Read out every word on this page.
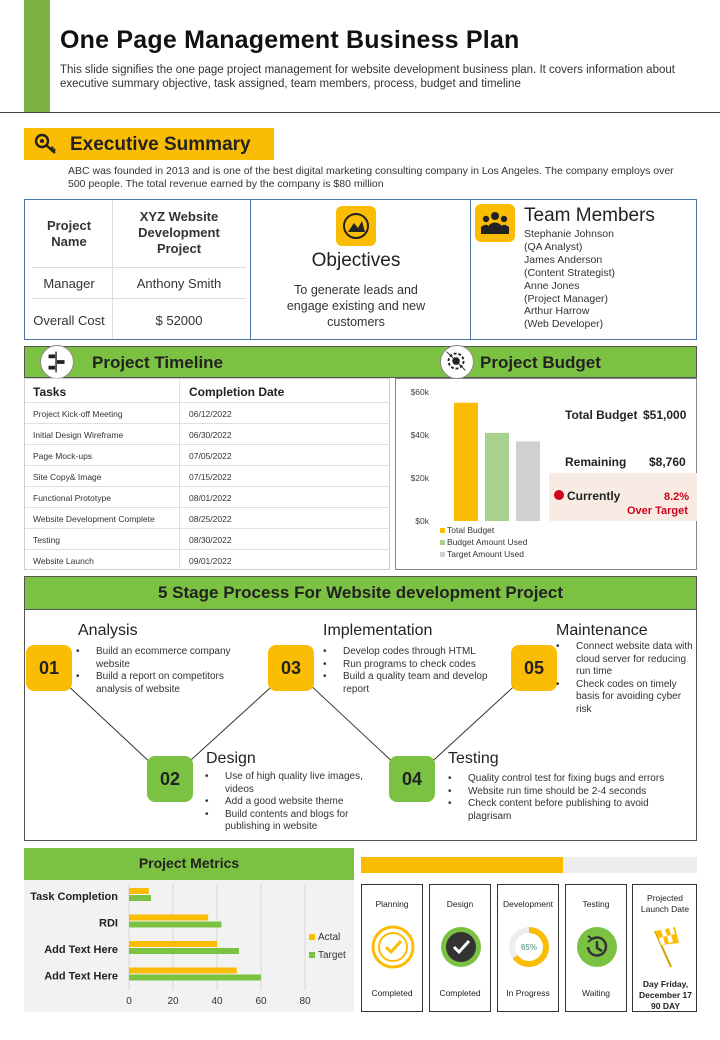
One Page Management Business Plan
This slide signifies the one page project management for website development business plan. It covers information about executive summary objective, task assigned, team members, process, budget and timeline
Executive Summary
ABC was founded in 2013 and is one of the best digital marketing consulting company in Los Angeles. The company employs over 500 people. The total revenue earned by the company is $80 million
Project Name
XYZ Website Development Project
Manager	Anthony Smith
Overall Cost	$ 52000
Objectives
To generate leads and engage existing and new customers
Team Members
Stephanie Johnson
(QA Analyst)
James Anderson
(Content Strategist)
Anne Jones
(Project Manager)
Arthur Harrow
(Web Developer)
Project Timeline	Project Budget
Tasks	Completion Date
Project Kick-off Meeting	06/12/2022
Initial Design Wireframe	06/30/2022
Page Mock-ups	07/05/2022
Site Copy& Image	07/15/2022
Functional Prototype	08/01/2022
Website Development Complete	08/25/2022
Testing	08/30/2022
Website Launch	09/01/2022
$0k
$20k
$40k
$60k
Total Budget
Budget Amount Used
Target Amount Used
Total Budget $51,000
Remaining $8,760
Currently	8.2%
Over Target
5 Stage Process For Website development Project
01
Analysis
• Build an ecommerce company website
• Build a report on competitors analysis of website
02
Design
• Use of high quality live images, videos
• Add a good website theme
• Build contents and blogs for publishing in website
03
Implementation
• Develop codes through HTML
• Run programs to check codes
• Build a quality team and develop report
04
Testing
• Quality control test for fixing bugs and errors
• Website run time should be 2-4 seconds
• Check content before publishing to avoid plagrisam
05
Maintenance
• Connect website data with cloud server for reducing run time
• Check codes on timely basis for avoiding cyber risk
Project Metrics
0	20	40	60	80
Task Completion
RDI
Add Text Here
Add Text Here
Actal
Target
Planning
Completed
Design
Completed
Development
65%
In Progress
Testing
Waiting
Projected Launch Date
Day Friday, December 17 90 DAY
